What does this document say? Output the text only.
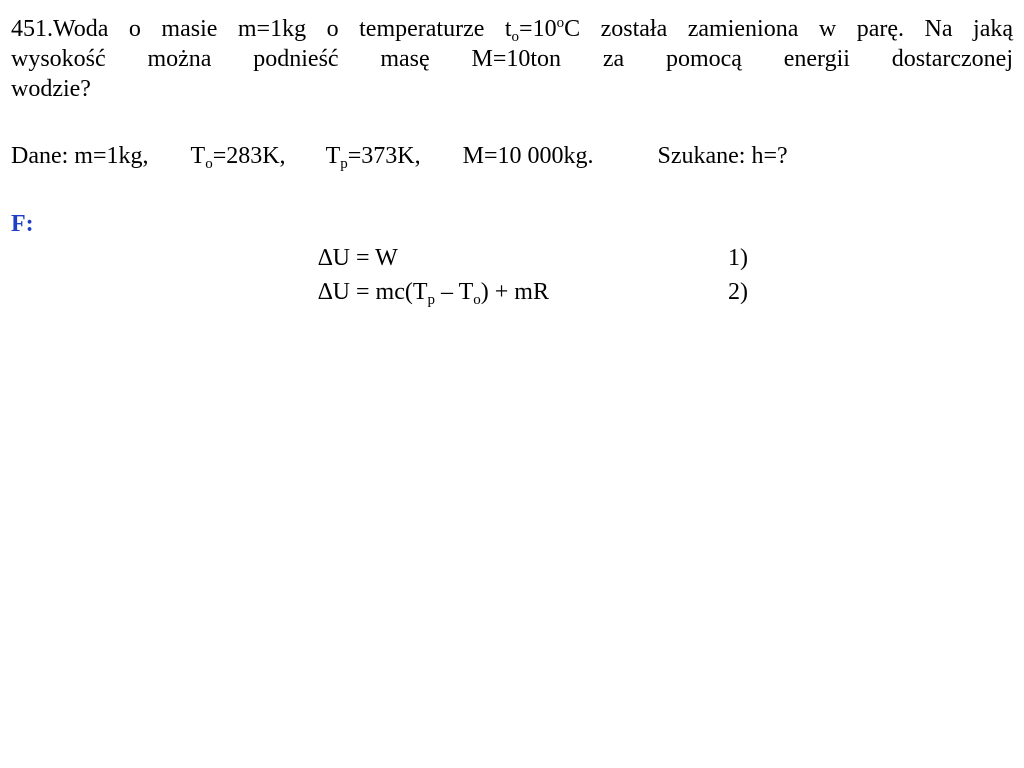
451.Woda o masie m=1kg o temperaturze $t_o=10^oC$ została zamieniona w parę. Na jaką
wysokość można podnieść masę M=10ton za pomocą energii dostarczonej
wodzie?
Dane: m=1kg, $T_o=283K$, $T_p=373K$, M=10 000kg.	Szukane: h=?
F:
∆U = W	1)
$\Delta U = mc(T_p - T_o)$ + mR	2)
